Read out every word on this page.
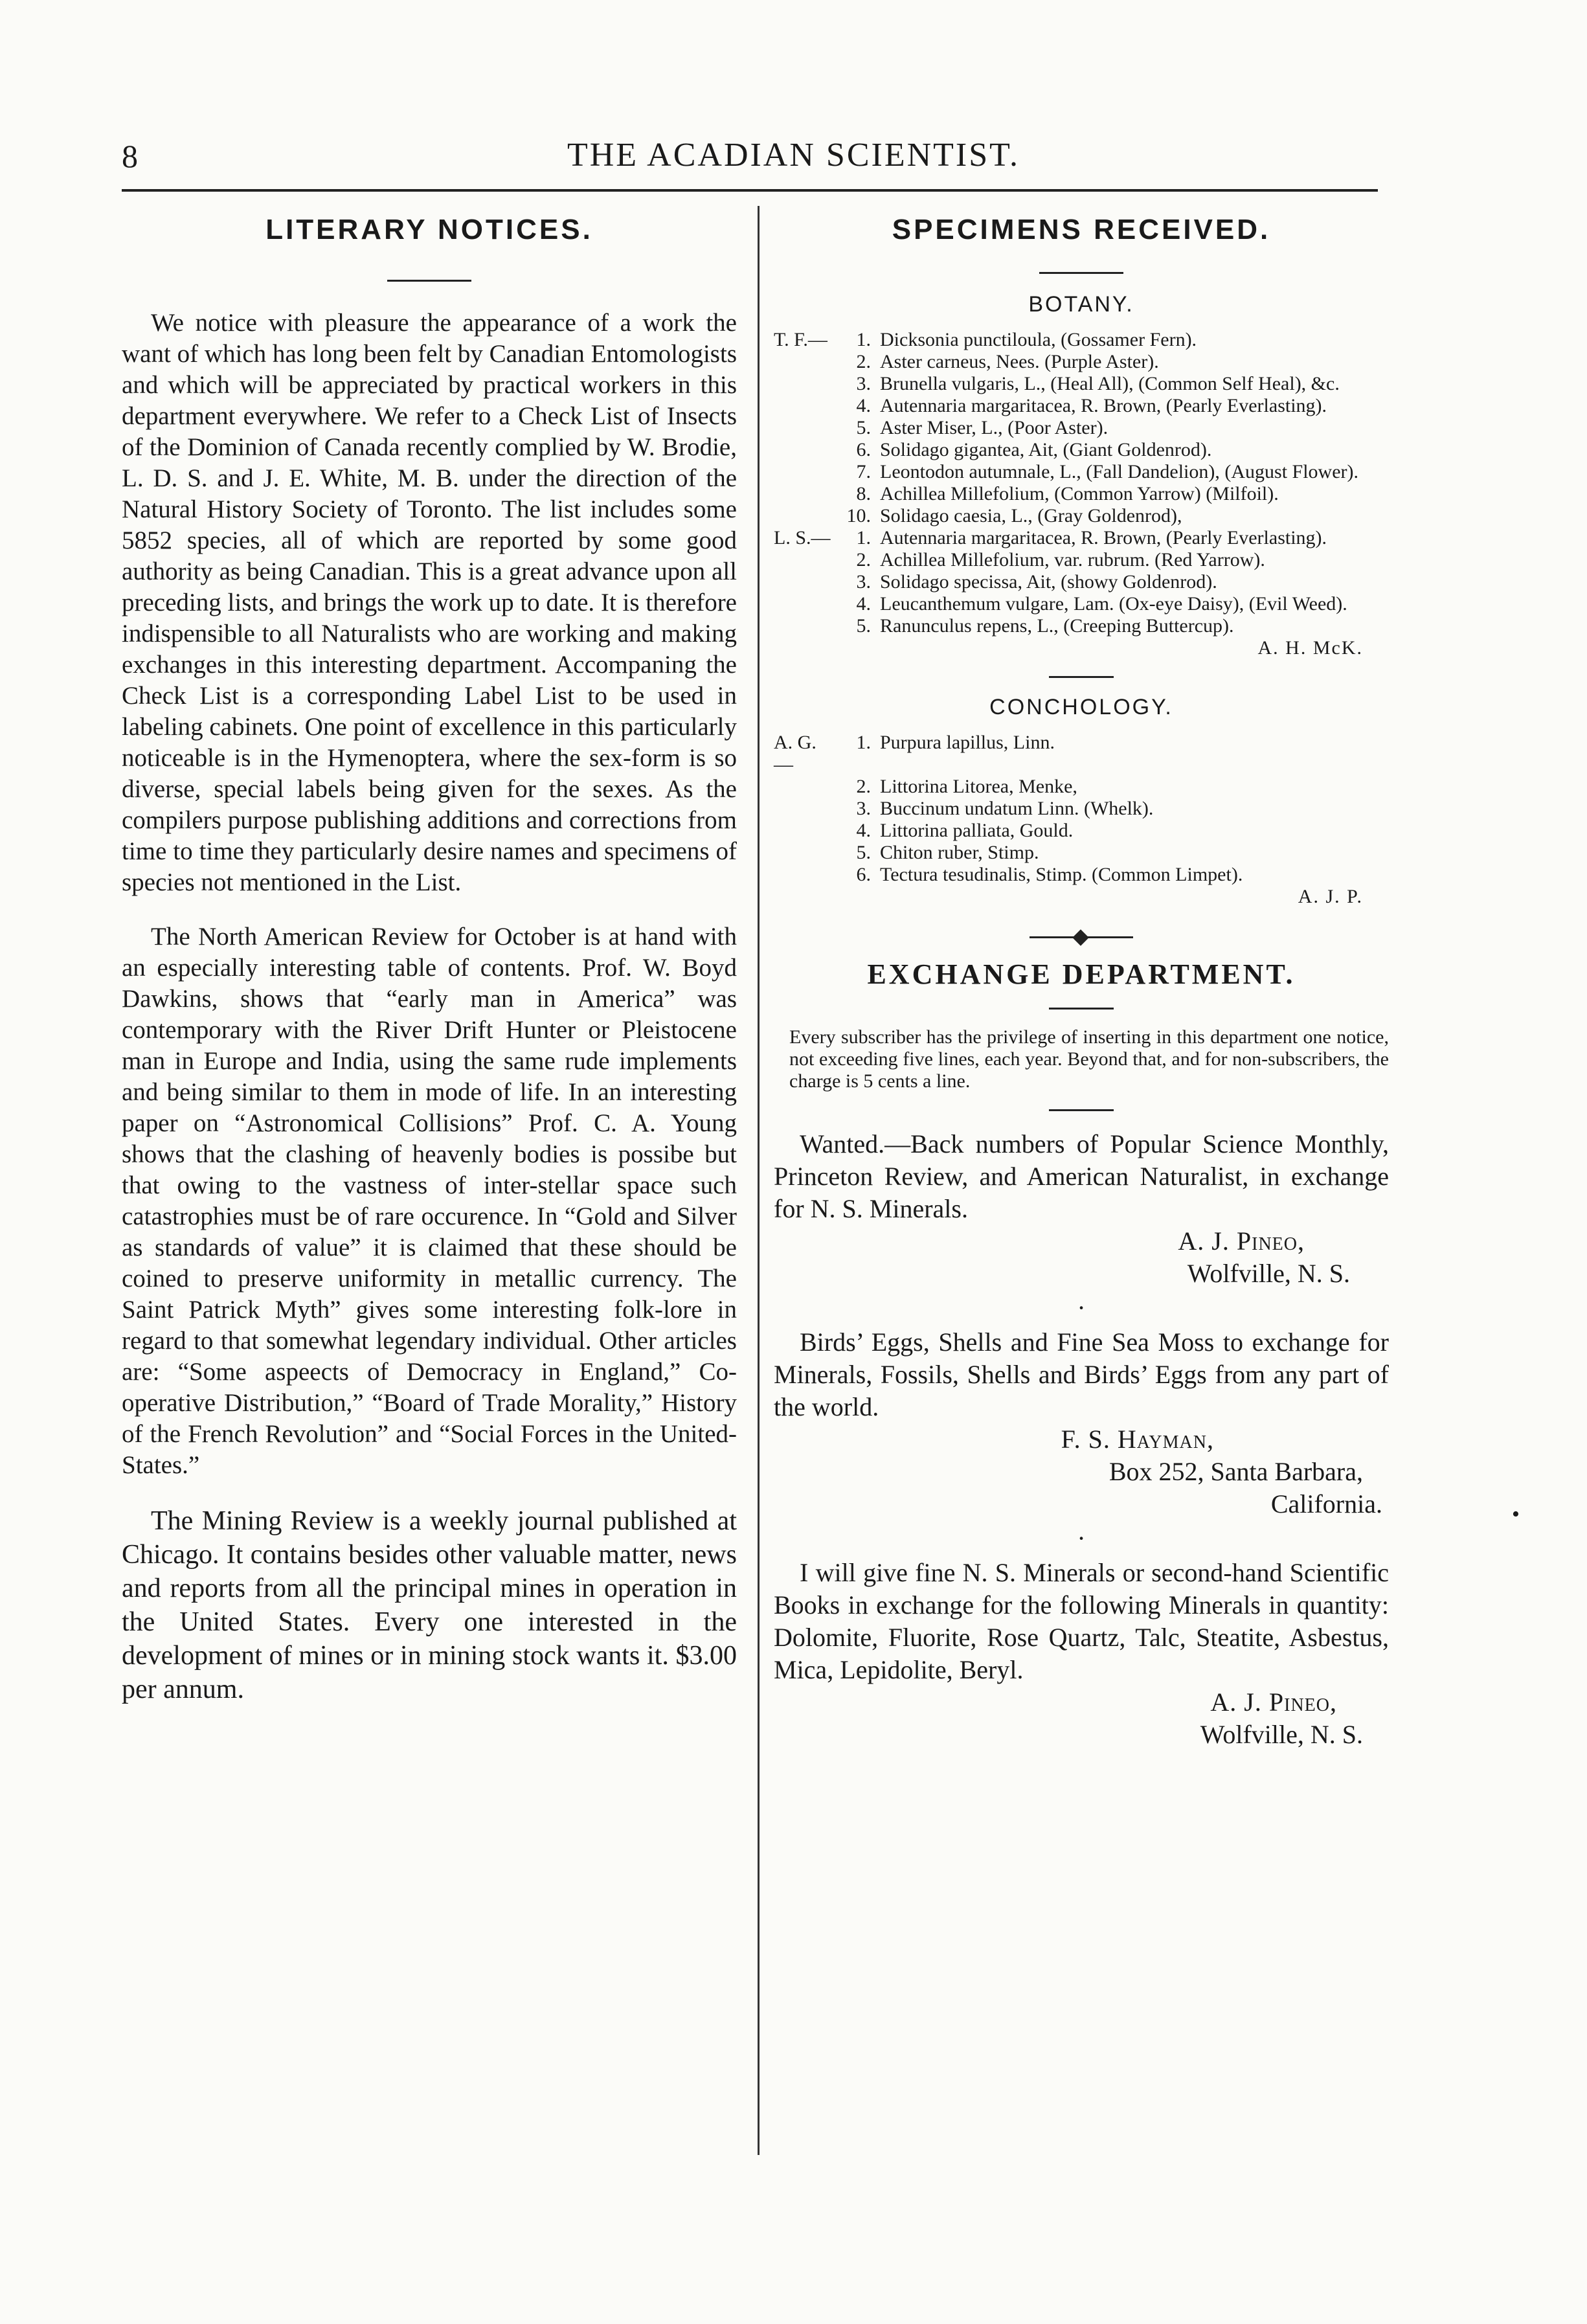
8	THE ACADIAN SCIENTIST.
LITERARY NOTICES.

We notice with pleasure the appearance of a work the want of which has long been felt by Canadian Entomologists and which will be appreciated by practical workers in this department everywhere. We refer to a Check List of Insects of the Dominion of Canada recently complied by W. Brodie, L. D. S. and J. E. White, M. B. under the direction of the Natural History Society of Toronto. The list includes some 5852 species, all of which are reported by some good authority as being Canadian. This is a great advance upon all preceding lists, and brings the work up to date. It is therefore indispensible to all Naturalists who are working and making exchanges in this interesting department. Accompaning the Check List is a corresponding Label List to be used in labeling cabinets. One point of excellence in this particularly noticeable is in the Hymenoptera, where the sex-form is so diverse, special labels being given for the sexes. As the compilers purpose publishing additions and corrections from time to time they particularly desire names and specimens of species not mentioned in the List.

The North American Review for October is at hand with an especially interesting table of contents. Prof. W. Boyd Dawkins, shows that “early man in America” was contemporary with the River Drift Hunter or Pleistocene man in Europe and India, using the same rude implements and being similar to them in mode of life. In an interesting paper on “Astronomical Collisions” Prof. C. A. Young shows that the clashing of heavenly bodies is possibe but that owing to the vastness of inter-stellar space such catastrophies must be of rare occurence. In “Gold and Silver as standards of value” it is claimed that these should be coined to preserve uniformity in metallic currency. The Saint Patrick Myth” gives some interesting folk-lore in regard to that somewhat legendary individual. Other articles are: “Some aspeects of Democracy in England,” Co-operative Distribution,” “Board of Trade Morality,” History of the French Revolution” and “Social Forces in the United-States.”

The Mining Review is a weekly journal published at Chicago. It contains besides other valuable matter, news and reports from all the principal mines in operation in the United States. Every one interested in the development of mines or in mining stock wants it. $3.00 per annum.

SPECIMENS RECEIVED.
BOTANY.
T. F.—	1. Dicksonia punctiloula, (Gossamer Fern).
2. Aster carneus, Nees. (Purple Aster).
3. Brunella vulgaris, L., (Heal All), (Common Self Heal), &c.
4. Autennaria margaritacea, R. Brown, (Pearly Everlasting).
5. Aster Miser, L., (Poor Aster).
6. Solidago gigantea, Ait, (Giant Goldenrod).
7. Leontodon autumnale, L., (Fall Dandelion), (August Flower).
8. Achillea Millefolium, (Common Yarrow) (Milfoil).
10. Solidago caesia, L., (Gray Goldenrod),
L. S.—	1. Autennaria margaritacea, R. Brown, (Pearly Everlasting).
2. Achillea Millefolium, var. rubrum. (Red Yarrow).
3. Solidago specissa, Ait, (showy Goldenrod).
4. Leucanthemum vulgare, Lam. (Ox-eye Daisy), (Evil Weed).
5. Ranunculus repens, L., (Creeping Buttercup).
A. H. McK.
CONCHOLOGY.
A. G.—
1. Purpura lapillus, Linn.
2. Littorina Litorea, Menke,
3. Buccinum undatum Linn. (Whelk).
4. Littorina palliata, Gould.
5. Chiton ruber, Stimp.
6. Tectura tesudinalis, Stimp. (Common Limpet).
A. J. P.
EXCHANGE DEPARTMENT.

Every subscriber has the privilege of inserting in this department one notice, not exceeding five lines, each year. Beyond that, and for non-subscribers, the charge is 5 cents a line.

Wanted.—Back numbers of Popular Science Monthly, Princeton Review, and American Naturalist, in exchange for N. S. Minerals.

A. J. Pineo,

Wolfville, N. S.

·

Birds’ Eggs, Shells and Fine Sea Moss to exchange for Minerals, Fossils, Shells and Birds’ Eggs from any part of the world.

F. S. Hayman,

Box 252, Santa Barbara,

California.

·

I will give fine N. S. Minerals or second-hand Scientific Books in exchange for the following Minerals in quantity: Dolomite, Fluorite, Rose Quartz, Talc, Steatite, Asbestus, Mica, Lepidolite, Beryl.

A. J. Pineo,

Wolfville, N. S.

•
